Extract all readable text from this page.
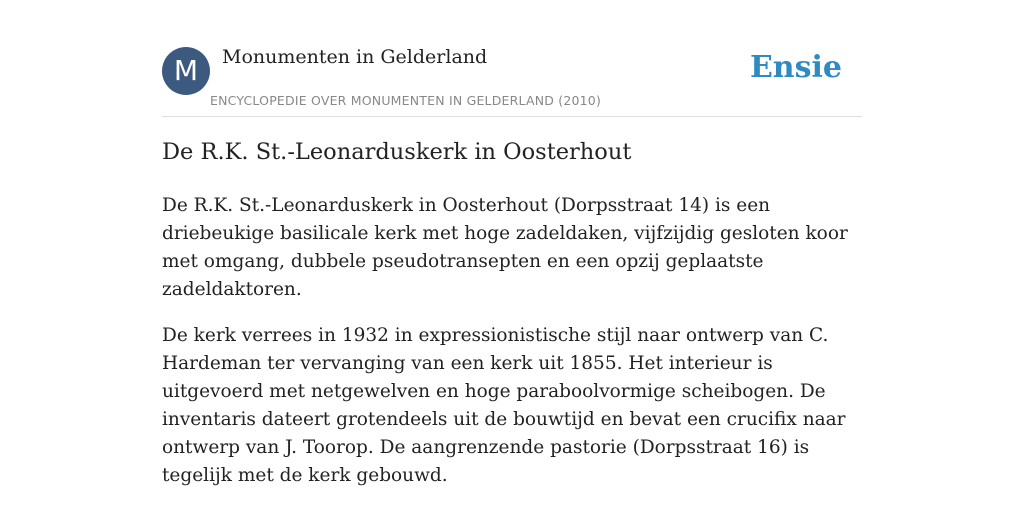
M	Monumenten in Gelderland
ENCYCLOPEDIE OVER MONUMENTEN IN GELDERLAND (2010)
Ensie
De R.K. St.-Leonarduskerk in Oosterhout

De R.K. St.-Leonarduskerk in Oosterhout (Dorpsstraat 14) is een driebeukige basilicale kerk met hoge zadeldaken, vijfzijdig gesloten koor met omgang, dubbele pseudotransepten en een opzij geplaatste zadeldaktoren.

De kerk verrees in 1932 in expressionistische stijl naar ontwerp van C. Hardeman ter vervanging van een kerk uit 1855. Het interieur is uitgevoerd met netgewelven en hoge paraboolvormige scheibogen. De inventaris dateert grotendeels uit de bouwtijd en bevat een crucifix naar ontwerp van J. Toorop. De aangrenzende pastorie (Dorpsstraat 16) is tegelijk met de kerk gebouwd.
